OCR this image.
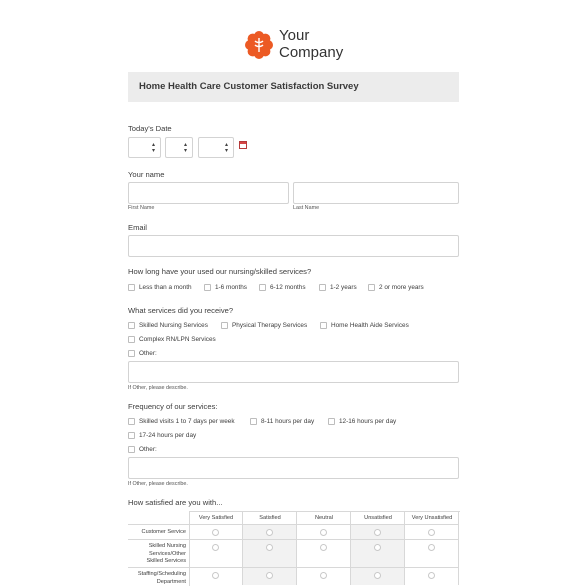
Your
Company
Home Health Care Customer Satisfaction Survey
Today's Date
▴
▾
▴
▾
▴
▾
Your name
First Name	Last Name
Email
How long have your used our nursing/skilled services?
Less than a month	1-6 months	6-12 months	1-2 years	2 or more years
What services did you receive?
Skilled Nursing Services	Physical Therapy Services	Home Health Aide Services
Complex RN/LPN Services
Other:
If Other, please describe.
Frequency of our services:
Skilled visits 1 to 7 days per week	8-11 hours per day	12-16 hours per day
17-24 hours per day
Other:
If Other, please describe.
How satisfied are you with...
Very Satisfied	Satisfied	Neutral	Unsatisfied	Very Unsatisfied
Customer Service
Skilled Nursing Services/Other Skilled Services
Staffing/Scheduling Department
